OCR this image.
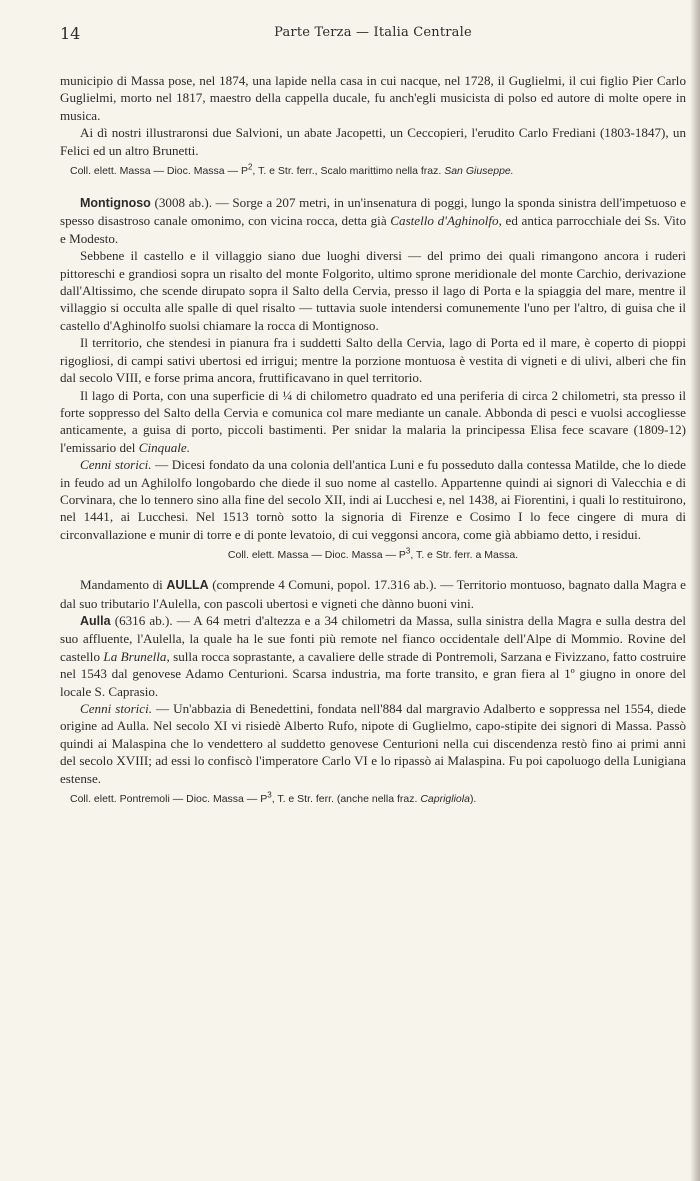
14	Parte Terza — Italia Centrale

municipio di Massa pose, nel 1874, una lapide nella casa in cui nacque, nel 1728, il Guglielmi, il cui figlio Pier Carlo Guglielmi, morto nel 1817, maestro della cappella ducale, fu anch'egli musicista di polso ed autore di molte opere in musica.

Ai dì nostri illustraronsi due Salvioni, un abate Jacopetti, un Ceccopieri, l'erudito Carlo Frediani (1803-1847), un Felici ed un altro Brunetti.

Coll. elett. Massa — Dioc. Massa — $P^2$, T. e Str. ferr., Scalo marittimo nella fraz. San Giuseppe.

Montignoso (3008 ab.). — Sorge a 207 metri, in un'insenatura di poggi, lungo la sponda sinistra dell'impetuoso e spesso disastroso canale omonimo, con vicina rocca, detta già Castello d'Aghinolfo, ed antica parrocchiale dei Ss. Vito e Modesto.

Sebbene il castello e il villaggio siano due luoghi diversi — del primo dei quali rimangono ancora i ruderi pittoreschi e grandiosi sopra un risalto del monte Folgorito, ultimo sprone meridionale del monte Carchio, derivazione dall'Altissimo, che scende dirupato sopra il Salto della Cervia, presso il lago di Porta e la spiaggia del mare, mentre il villaggio si occulta alle spalle di quel risalto — tuttavia suole intendersi comunemente l'uno per l'altro, di guisa che il castello d'Aghinolfo suolsi chiamare la rocca di Montignoso.

Il territorio, che stendesi in pianura fra i suddetti Salto della Cervia, lago di Porta ed il mare, è coperto di pioppi rigogliosi, di campi sativi ubertosi ed irrigui; mentre la porzione montuosa è vestita di vigneti e di ulivi, alberi che fin dal secolo VIII, e forse prima ancora, fruttificavano in quel territorio.

Il lago di Porta, con una superficie di ¼ di chilometro quadrato ed una periferia di circa 2 chilometri, sta presso il forte soppresso del Salto della Cervia e comunica col mare mediante un canale. Abbonda di pesci e vuolsi accogliesse anticamente, a guisa di porto, piccoli bastimenti. Per snidar la malaria la principessa Elisa fece scavare (1809-12) l'emissario del Cinquale.

Cenni storici. — Dicesi fondato da una colonia dell'antica Luni e fu posseduto dalla contessa Matilde, che lo diede in feudo ad un Aghilolfo longobardo che diede il suo nome al castello. Appartenne quindi ai signori di Valecchia e di Corvinara, che lo tennero sino alla fine del secolo XII, indi ai Lucchesi e, nel 1438, ai Fiorentini, i quali lo restituirono, nel 1441, ai Lucchesi. Nel 1513 tornò sotto la signoria di Firenze e Cosimo I lo fece cingere di mura di circonvallazione e munir di torre e di ponte levatoio, di cui veggonsi ancora, come già abbiamo detto, i residui.

Coll. elett. Massa — Dioc. Massa — $P^3$, T. e Str. ferr. a Massa.

Mandamento di AULLA (comprende 4 Comuni, popol. 17.316 ab.). — Territorio montuoso, bagnato dalla Magra e dal suo tributario l'Aulella, con pascoli ubertosi e vigneti che dànno buoni vini.

Aulla (6316 ab.). — A 64 metri d'altezza e a 34 chilometri da Massa, sulla sinistra della Magra e sulla destra del suo affluente, l'Aulella, la quale ha le sue fonti più remote nel fianco occidentale dell'Alpe di Mommio. Rovine del castello La Brunella, sulla rocca soprastante, a cavaliere delle strade di Pontremoli, Sarzana e Fivizzano, fatto costruire nel 1543 dal genovese Adamo Centurioni. Scarsa industria, ma forte transito, e gran fiera al 1º giugno in onore del locale S. Caprasio.

Cenni storici. — Un'abbazia di Benedettini, fondata nell'884 dal margravio Adalberto e soppressa nel 1554, diede origine ad Aulla. Nel secolo XI vi risiedè Alberto Rufo, nipote di Guglielmo, capo-stipite dei signori di Massa. Passò quindi ai Malaspina che lo vendettero al suddetto genovese Centurioni nella cui discendenza restò fino ai primi anni del secolo XVIII; ad essi lo confiscò l'imperatore Carlo VI e lo ripassò ai Malaspina. Fu poi capoluogo della Lunigiana estense.

Coll. elett. Pontremoli — Dioc. Massa — $P^3$, T. e Str. ferr. (anche nella fraz. Caprigliola).
